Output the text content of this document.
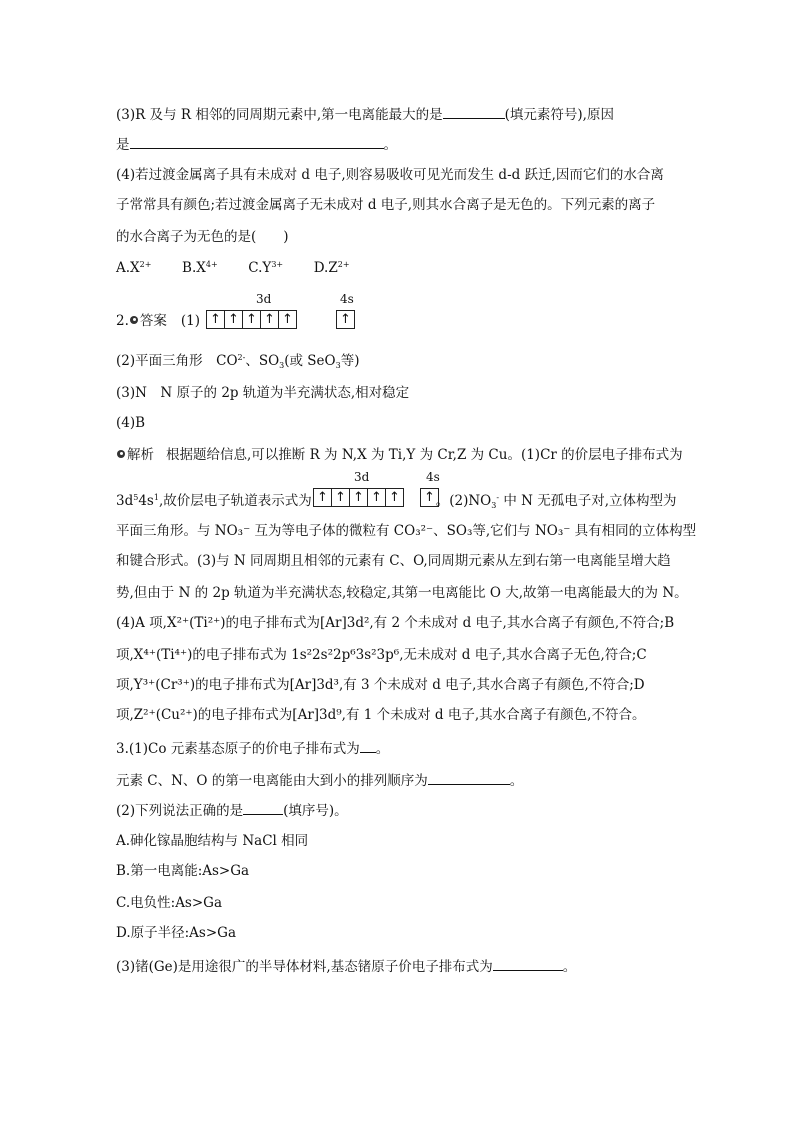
(3)R 及与 R 相邻的同周期元素中,第一电离能最大的是	(填元素符号),原因
是	。
(4)若过渡金属离子具有未成对 d 电子,则容易吸收可见光而发生 d-d 跃迁,因而它们的水合离
子常常具有颜色;若过渡金属离子无未成对 d 电子,则其水合离子是无色的。下列元素的离子
的水合离子为无色的是(　　)
$A.X^{2+}$ $B.X^{4+}$ $C.Y^{3+}$ $D.Z^{2+}$
3d	4s
2. 答案 (1) ↑ ↑ ↑ ↑ ↑	↑
(2)平面三角形　$CO^{2-}$、$SO_3$(或 SeO$_3$等)
(3)N　N 原子的 2p 轨道为半充满状态,相对稳定
(4)B
解析 根据题给信息,可以推断 R 为 N,X 为 Ti,Y 为 Cr,Z 为 Cu。(1)Cr 的价层电子排布式为
3d	4s
$3d^54s^1$,故价层电子轨道表示式为	。$(2)NO_3^-$ 中 N 无孤电子对,立体构型为
↑ ↑ ↑ ↑ ↑ ↑
平面三角形。与 NO₃⁻ 互为等电子体的微粒有 CO₃²⁻、SO₃等,它们与 NO₃⁻ 具有相同的立体构型
和键合形式。(3)与 N 同周期且相邻的元素有 C、O,同周期元素从左到右第一电离能呈增大趋
势,但由于 N 的 2p 轨道为半充满状态,较稳定,其第一电离能比 O 大,故第一电离能最大的为 N。
(4)A 项,X²⁺(Ti²⁺)的电子排布式为[Ar]3d²,有 2 个未成对 d 电子,其水合离子有颜色,不符合;B
项,X⁴⁺(Ti⁴⁺)的电子排布式为 1s²2s²2p⁶3s²3p⁶,无未成对 d 电子,其水合离子无色,符合;C
项,Y³⁺(Cr³⁺)的电子排布式为[Ar]3d³,有 3 个未成对 d 电子,其水合离子有颜色,不符合;D
项,Z²⁺(Cu²⁺)的电子排布式为[Ar]3d⁹,有 1 个未成对 d 电子,其水合离子有颜色,不符合。
3.(1)Co 元素基态原子的价电子排布式为 。
元素 C、N、O 的第一电离能由大到小的排列顺序为	。
(2)下列说法正确的是	(填序号)。
A.砷化镓晶胞结构与 NaCl 相同
B.第一电离能:As>Ga
C.电负性:As>Ga
D.原子半径:As>Ga
(3)锗(Ge)是用途很广的半导体材料,基态锗原子价电子排布式为	。
